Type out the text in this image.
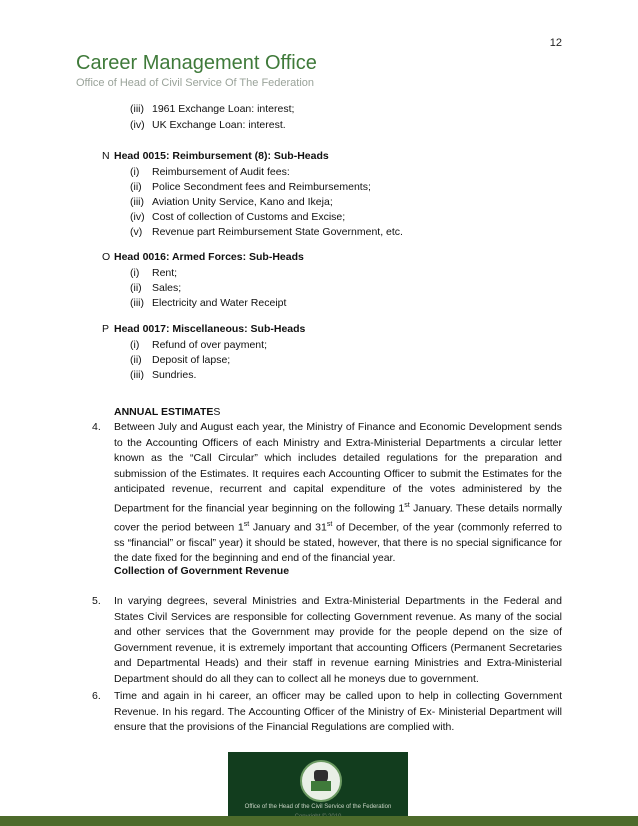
12
Career Management Office
Office of Head of Civil Service Of The Federation
(iii) 1961 Exchange Loan: interest;
(iv) UK Exchange Loan: interest.
N Head 0015: Reimbursement (8): Sub-Heads
(i) Reimbursement of Audit fees:
(ii) Police Secondment fees and Reimbursements;
(iii) Aviation Unity Service, Kano and Ikeja;
(iv) Cost of collection of Customs and Excise;
(v) Revenue part Reimbursement State Government, etc.
O Head 0016: Armed Forces: Sub-Heads
(i) Rent;
(ii) Sales;
(iii) Electricity and Water Receipt
P Head 0017: Miscellaneous: Sub-Heads
(i) Refund of over payment;
(ii) Deposit of lapse;
(iii) Sundries.
ANNUAL ESTIMATES
4. Between July and August each year, the Ministry of Finance and Economic Development sends to the Accounting Officers of each Ministry and Extra-Ministerial Departments a circular letter known as the “Call Circular” which includes detailed regulations for the preparation and submission of the Estimates. It requires each Accounting Officer to submit the Estimates for the anticipated revenue, recurrent and capital expenditure of the votes administered by the Department for the financial year beginning on the following 1st January. These details normally cover the period between 1st January and 31st of December, of the year (commonly referred to ss “financial” or fiscal” year) it should be stated, however, that there is no special significance for the date fixed for the beginning and end of the financial year.
Collection of Government Revenue
5. In varying degrees, several Ministries and Extra-Ministerial Departments in the Federal and States Civil Services are responsible for collecting Government revenue. As many of the social and other services that the Government may provide for the people depend on the size of Government revenue, it is extremely important that accounting Officers (Permanent Secretaries and Departmental Heads) and their staff in revenue earning Ministries and Extra-Ministerial Department should do all they can to collect all he moneys due to government.
6. Time and again in hi career, an officer may be called upon to help in collecting Government Revenue. In his regard. The Accounting Officer of the Ministry of Ex- Ministerial Department will ensure that the provisions of the Financial Regulations are complied with.
Office of the Head of the Civil Service of the Federation
